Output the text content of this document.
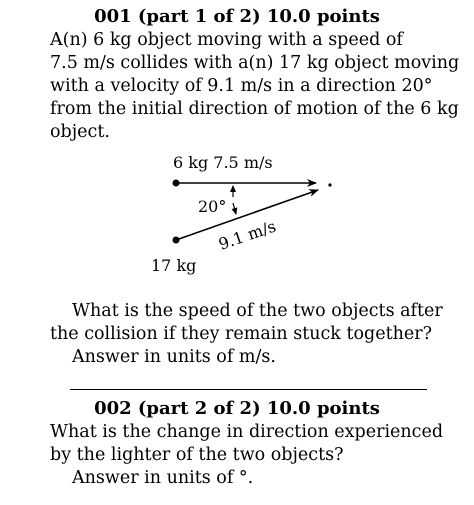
001 (part 1 of 2) 10.0 points
A(n) 6 kg object moving with a speed of
7.5 m/s collides with a(n) 17 kg object moving
with a velocity of 9.1 m/s in a direction 20°
from the initial direction of motion of the 6 kg
object.
6 kg 7.5 m/s
20°
9.1 m/s
17 kg
What is the speed of the two objects after
the collision if they remain stuck together?
Answer in units of m/s.
002 (part 2 of 2) 10.0 points
What is the change in direction experienced
by the lighter of the two objects?
Answer in units of °.
